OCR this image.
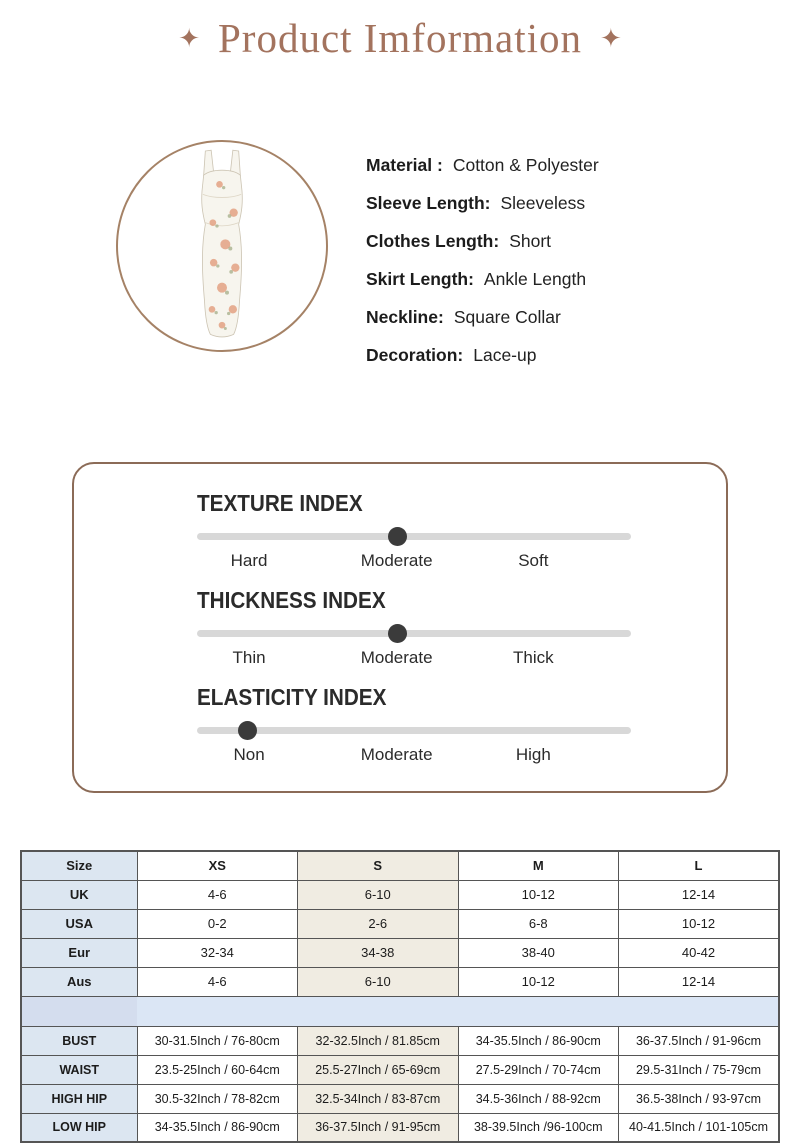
✦ Product Imformation ✦
Material : Cotton & Polyester
Sleeve Length: Sleeveless
Clothes Length: Short
Skirt Length: Ankle Length
Neckline: Square Collar
Decoration: Lace-up
TEXTURE INDEX
Hard	Moderate	Soft
THICKNESS INDEX
Thin	Moderate	Thick
ELASTICITY INDEX
Non	Moderate	High
Size	XS	S	M	L
UK	4-6	6-10	10-12	12-14
USA	0-2	2-6	6-8	10-12
Eur	32-34	34-38	38-40	40-42
Aus	4-6	6-10	10-12	12-14

BUST	30-31.5Inch / 76-80cm	32-32.5Inch / 81.85cm	34-35.5Inch / 86-90cm	36-37.5Inch / 91-96cm
WAIST	23.5-25Inch / 60-64cm	25.5-27Inch / 65-69cm	27.5-29Inch / 70-74cm	29.5-31Inch / 75-79cm
HIGH HIP	30.5-32Inch / 78-82cm	32.5-34Inch / 83-87cm	34.5-36Inch / 88-92cm	36.5-38Inch / 93-97cm
LOW HIP	34-35.5Inch / 86-90cm	36-37.5Inch / 91-95cm	38-39.5Inch /96-100cm	40-41.5Inch / 101-105cm
